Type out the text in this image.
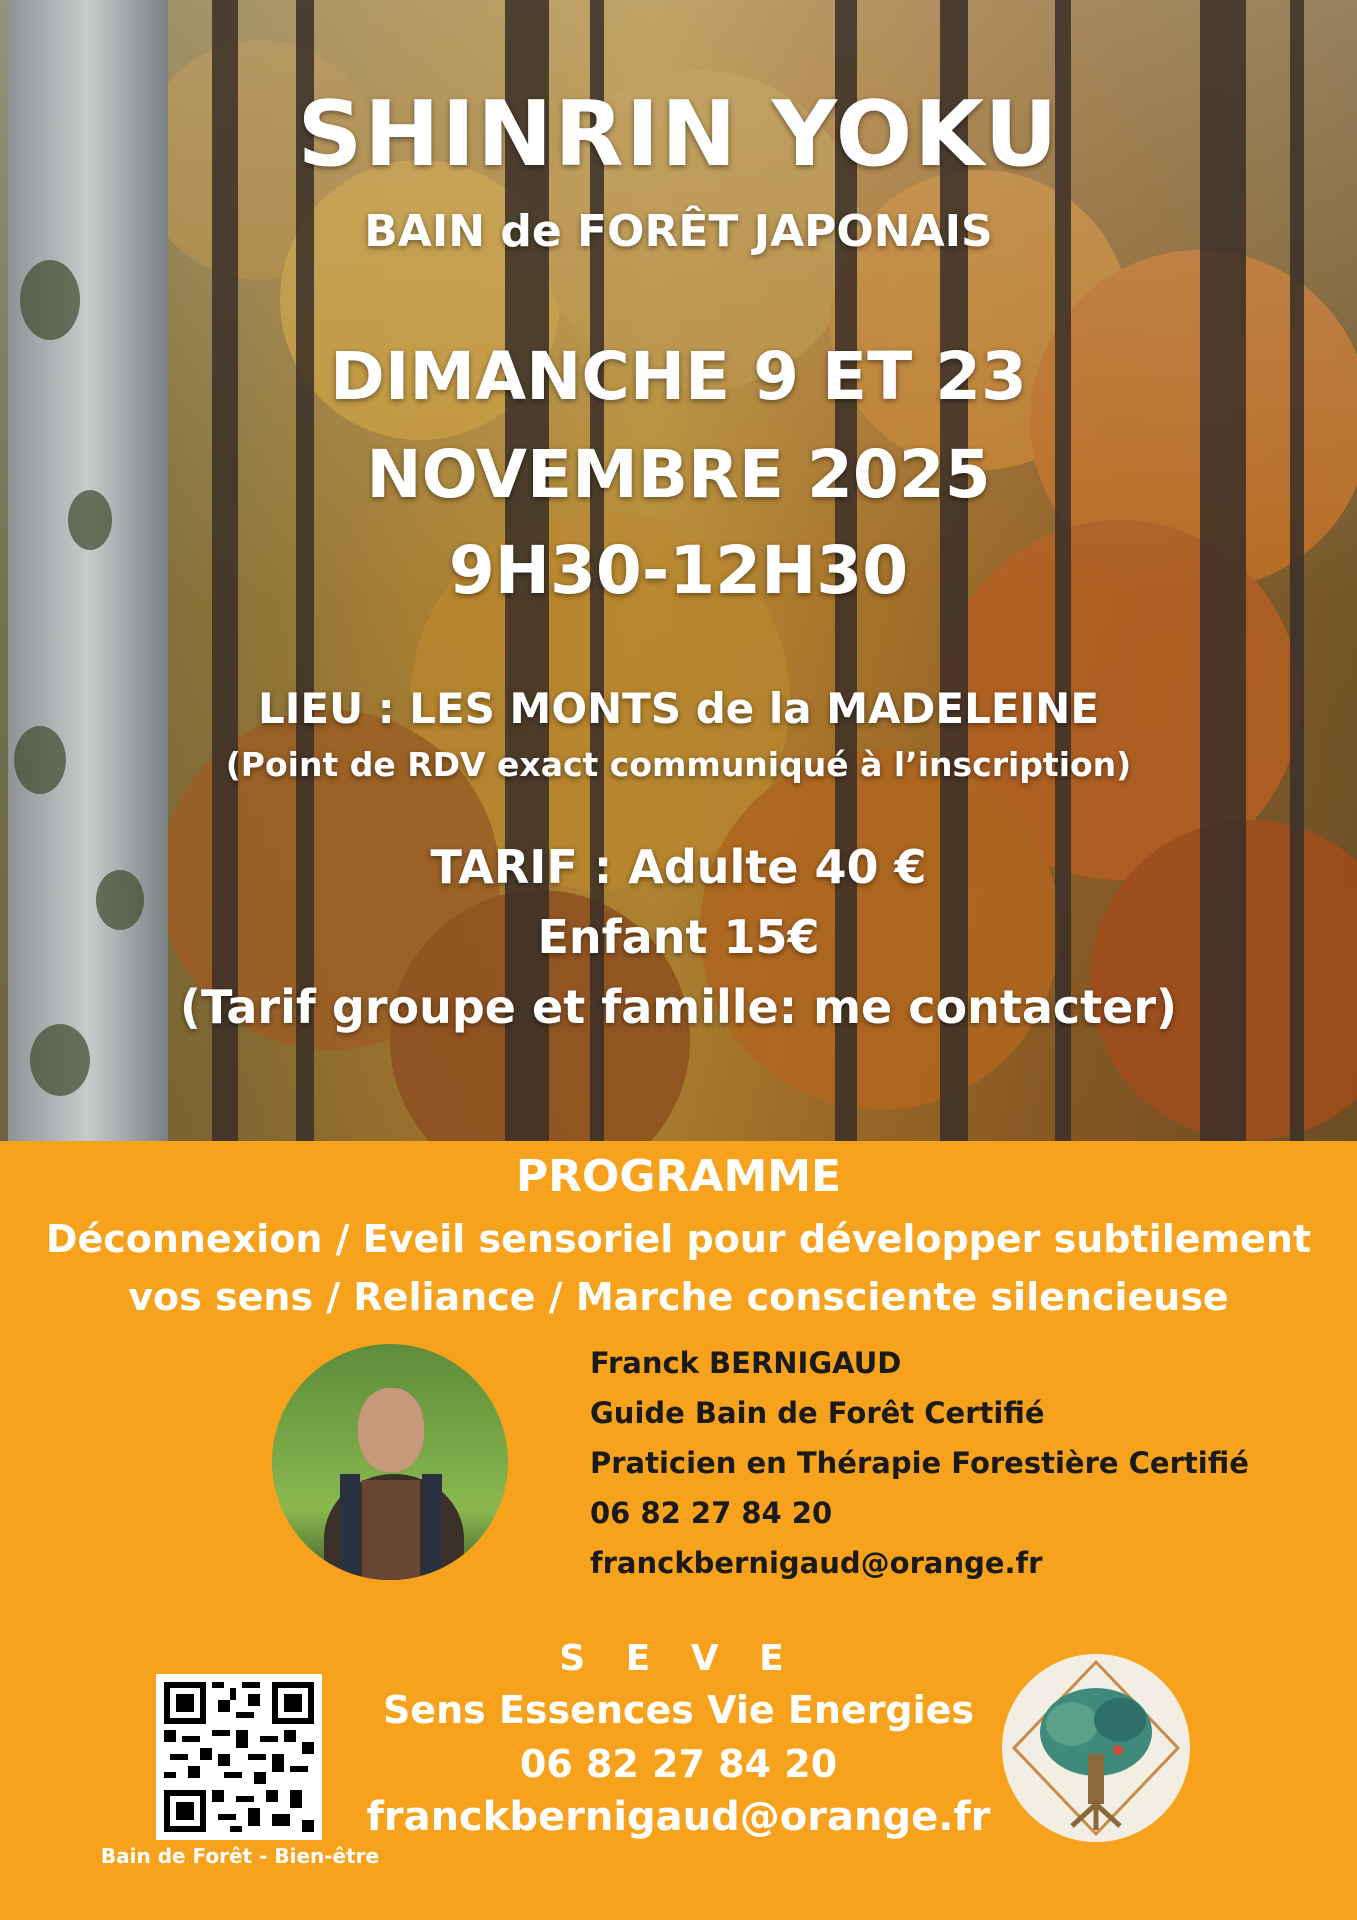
SHINRIN YOKU
BAIN de FORÊT JAPONAIS
DIMANCHE 9 ET 23
NOVEMBRE 2025
9H30-12H30
LIEU : LES MONTS de la MADELEINE
(Point de RDV exact communiqué à l’inscription)
TARIF : Adulte 40 €
Enfant 15€
(Tarif groupe et famille: me contacter)
PROGRAMME
Déconnexion / Eveil sensoriel pour développer subtilement
vos sens / Reliance / Marche consciente silencieuse
Franck BERNIGAUD
Guide Bain de Forêt Certifié
Praticien en Thérapie Forestière Certifié
06 82 27 84 20
franckbernigaud@orange.fr
Bain de Forêt - Bien-être
S E V E
Sens Essences Vie Energies
06 82 27 84 20
franckbernigaud@orange.fr
